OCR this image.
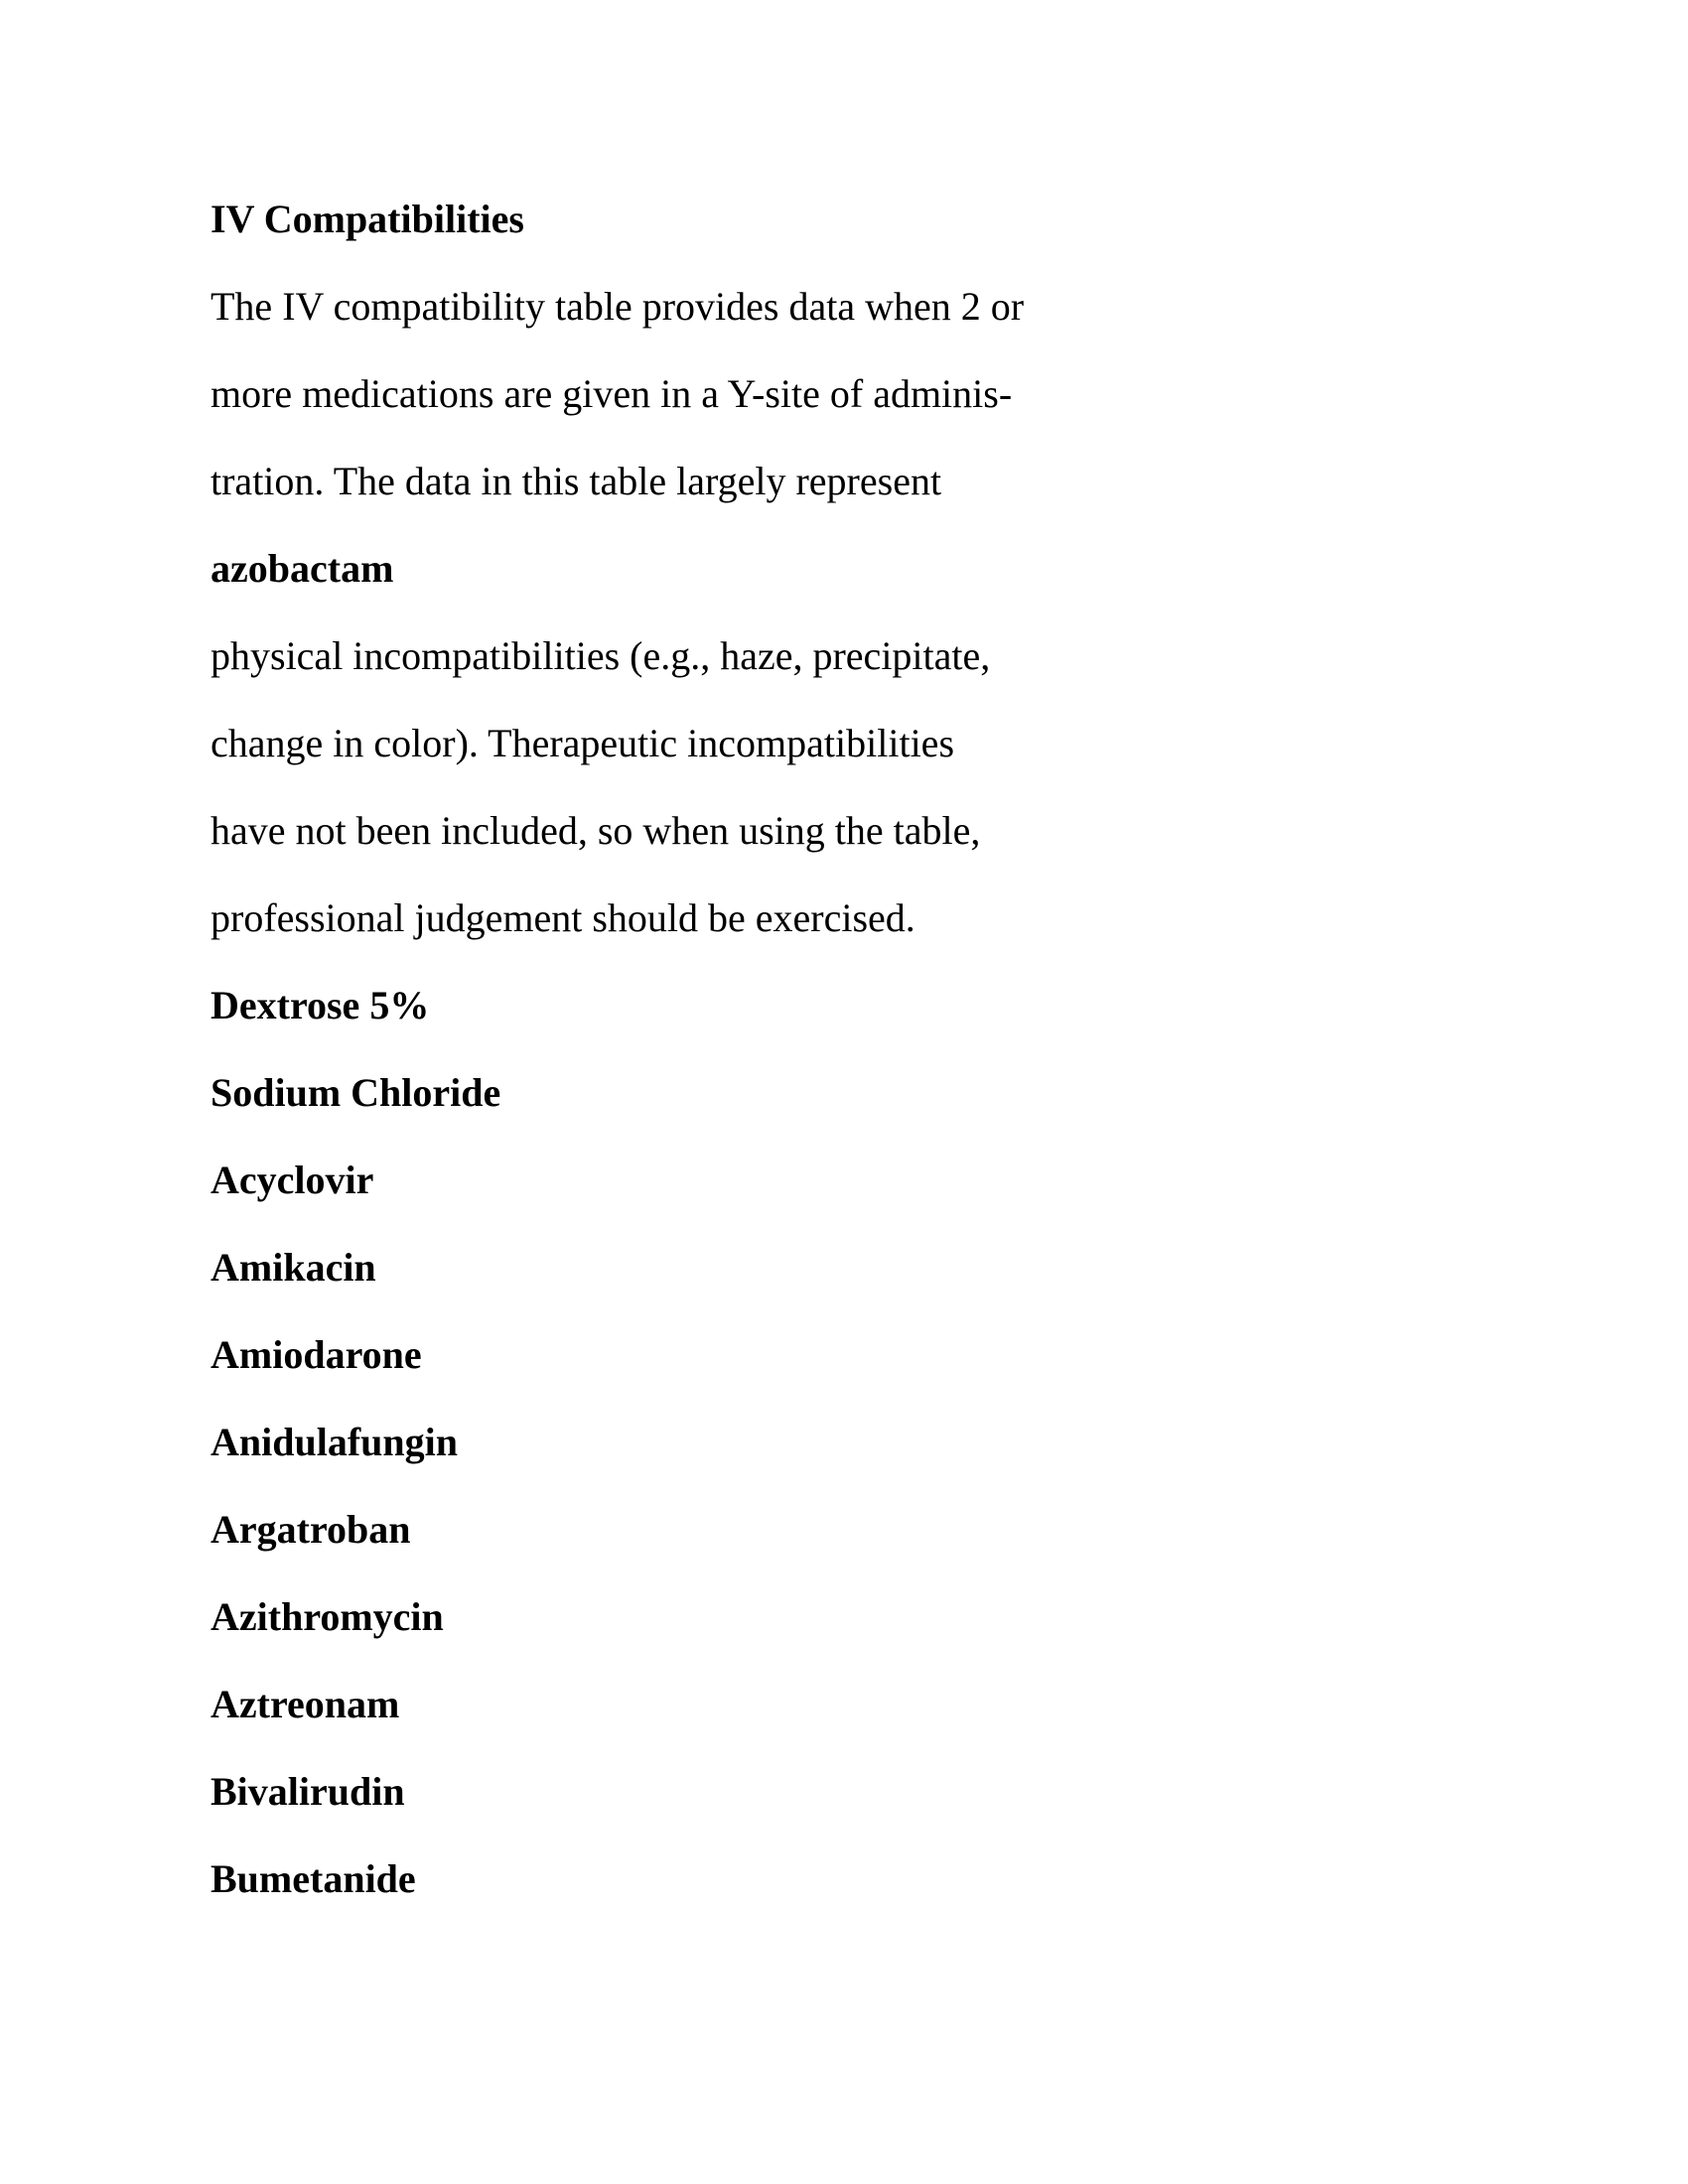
IV Compatibilities

The IV compatibility table provides data when 2 or

more medications are given in a Y-site of adminis-

tration. The data in this table largely represent

azobactam

physical incompatibilities (e.g., haze, precipitate,

change in color). Therapeutic incompatibilities

have not been included, so when using the table,

professional judgement should be exercised.

Dextrose 5%

Sodium Chloride

Acyclovir

Amikacin

Amiodarone

Anidulafungin

Argatroban

Azithromycin

Aztreonam

Bivalirudin

Bumetanide
